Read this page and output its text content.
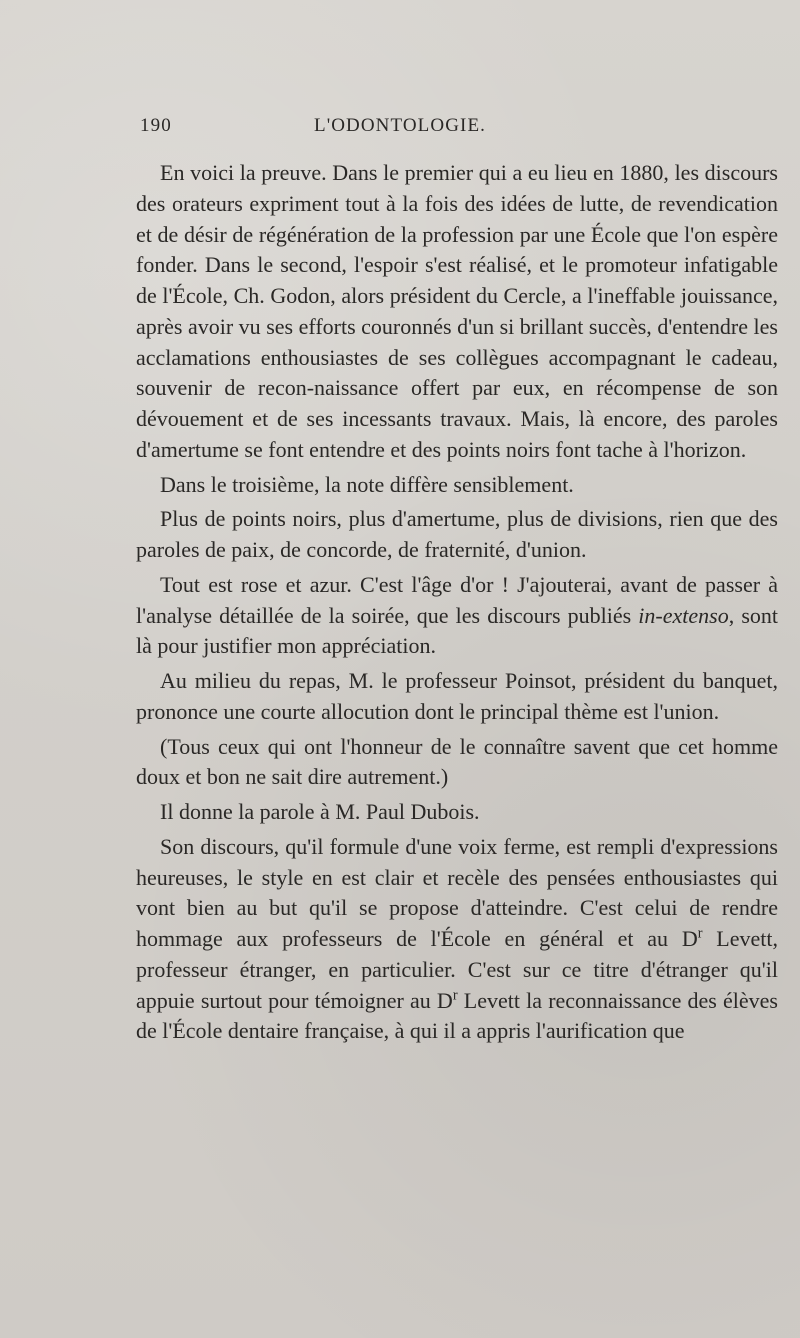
190	L'ODONTOLOGIE.

En voici la preuve. Dans le premier qui a eu lieu en 1880, les discours des orateurs expriment tout à la fois des idées de lutte, de revendication et de désir de régénération de la profession par une École que l'on espère fonder. Dans le second, l'espoir s'est réalisé, et le promoteur infatigable de l'École, Ch. Godon, alors président du Cercle, a l'ineffable jouissance, après avoir vu ses efforts couronnés d'un si brillant succès, d'entendre les acclamations enthousiastes de ses collègues accompagnant le cadeau, souvenir de recon-naissance offert par eux, en récompense de son dévouement et de ses incessants travaux. Mais, là encore, des paroles d'amertume se font entendre et des points noirs font tache à l'horizon.

Dans le troisième, la note diffère sensiblement.

Plus de points noirs, plus d'amertume, plus de divisions, rien que des paroles de paix, de concorde, de fraternité, d'union.

Tout est rose et azur. C'est l'âge d'or ! J'ajouterai, avant de passer à l'analyse détaillée de la soirée, que les discours publiés in-extenso, sont là pour justifier mon appréciation.

Au milieu du repas, M. le professeur Poinsot, président du banquet, prononce une courte allocution dont le principal thème est l'union.

(Tous ceux qui ont l'honneur de le connaître savent que cet homme doux et bon ne sait dire autrement.)

Il donne la parole à M. Paul Dubois.

Son discours, qu'il formule d'une voix ferme, est rempli d'expressions heureuses, le style en est clair et recèle des pensées enthousiastes qui vont bien au but qu'il se propose d'atteindre. C'est celui de rendre hommage aux professeurs de l'École en général et au $D^r$ Levett, professeur étranger, en particulier. C'est sur ce titre d'étranger qu'il appuie surtout pour témoigner au $D^r$ Levett la reconnaissance des élèves de l'École dentaire française, à qui il a appris l'aurification que
